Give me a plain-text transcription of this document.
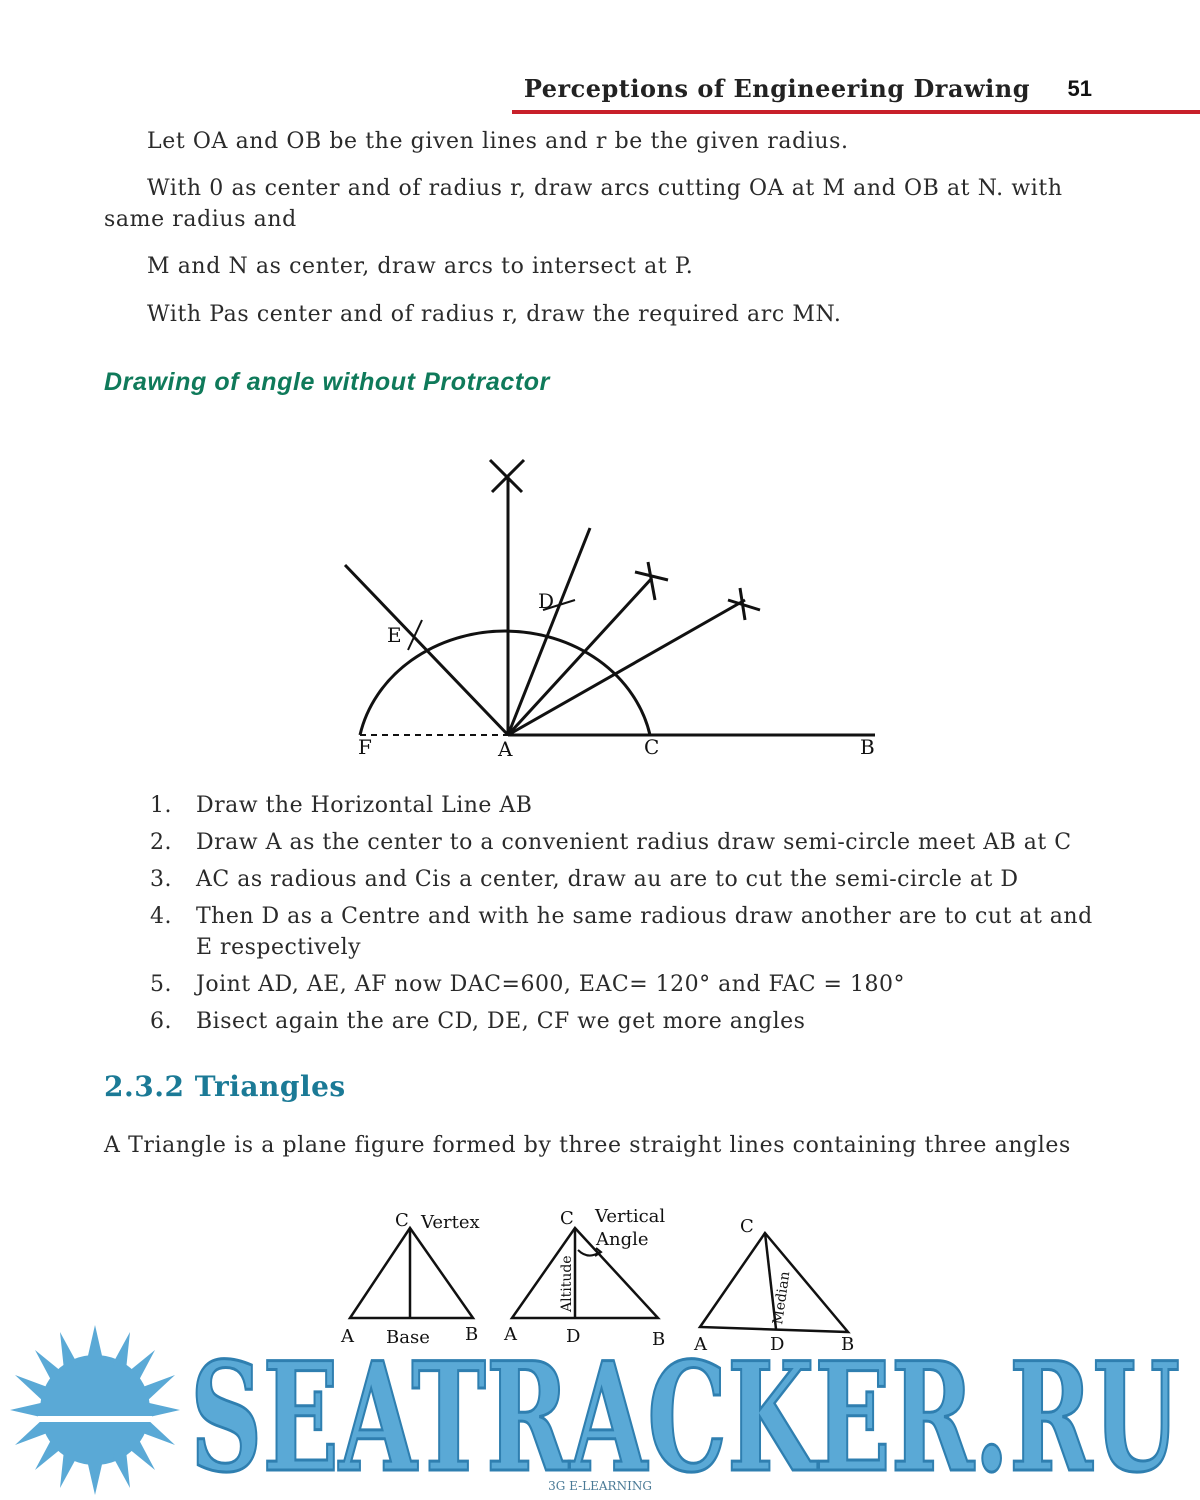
Perceptions of Engineering Drawing 51
Let OA and OB be the given lines and r be the given radius.
With 0 as center and of radius r, draw arcs cutting OA at M and OB at N. with same radius and
M and N as center, draw arcs to intersect at P.
With Pas center and of radius r, draw the required arc MN.
Drawing of angle without Protractor
F	A	C	B
D
E
1.	Draw the Horizontal Line AB
2.	Draw A as the center to a convenient radius draw semi-circle meet AB at C
3.	AC as radious and Cis a center, draw au are to cut the semi-circle at D
4.	Then D as a Centre and with he same radious draw another are to cut at and E respectively
5.	Joint AD, AE, AF now DAC=600, EAC= 120° and FAC = 180°
6.	Bisect again the are CD, DE, CF we get more angles
2.3.2 Triangles
A Triangle is a plane figure formed by three straight lines containing three angles
C Vertex
A Base B
C Vertical
Angle
A	D	B
Altitude
C
A	D	B
Median
SEATRACKER.RU
3G E-LEARNING
